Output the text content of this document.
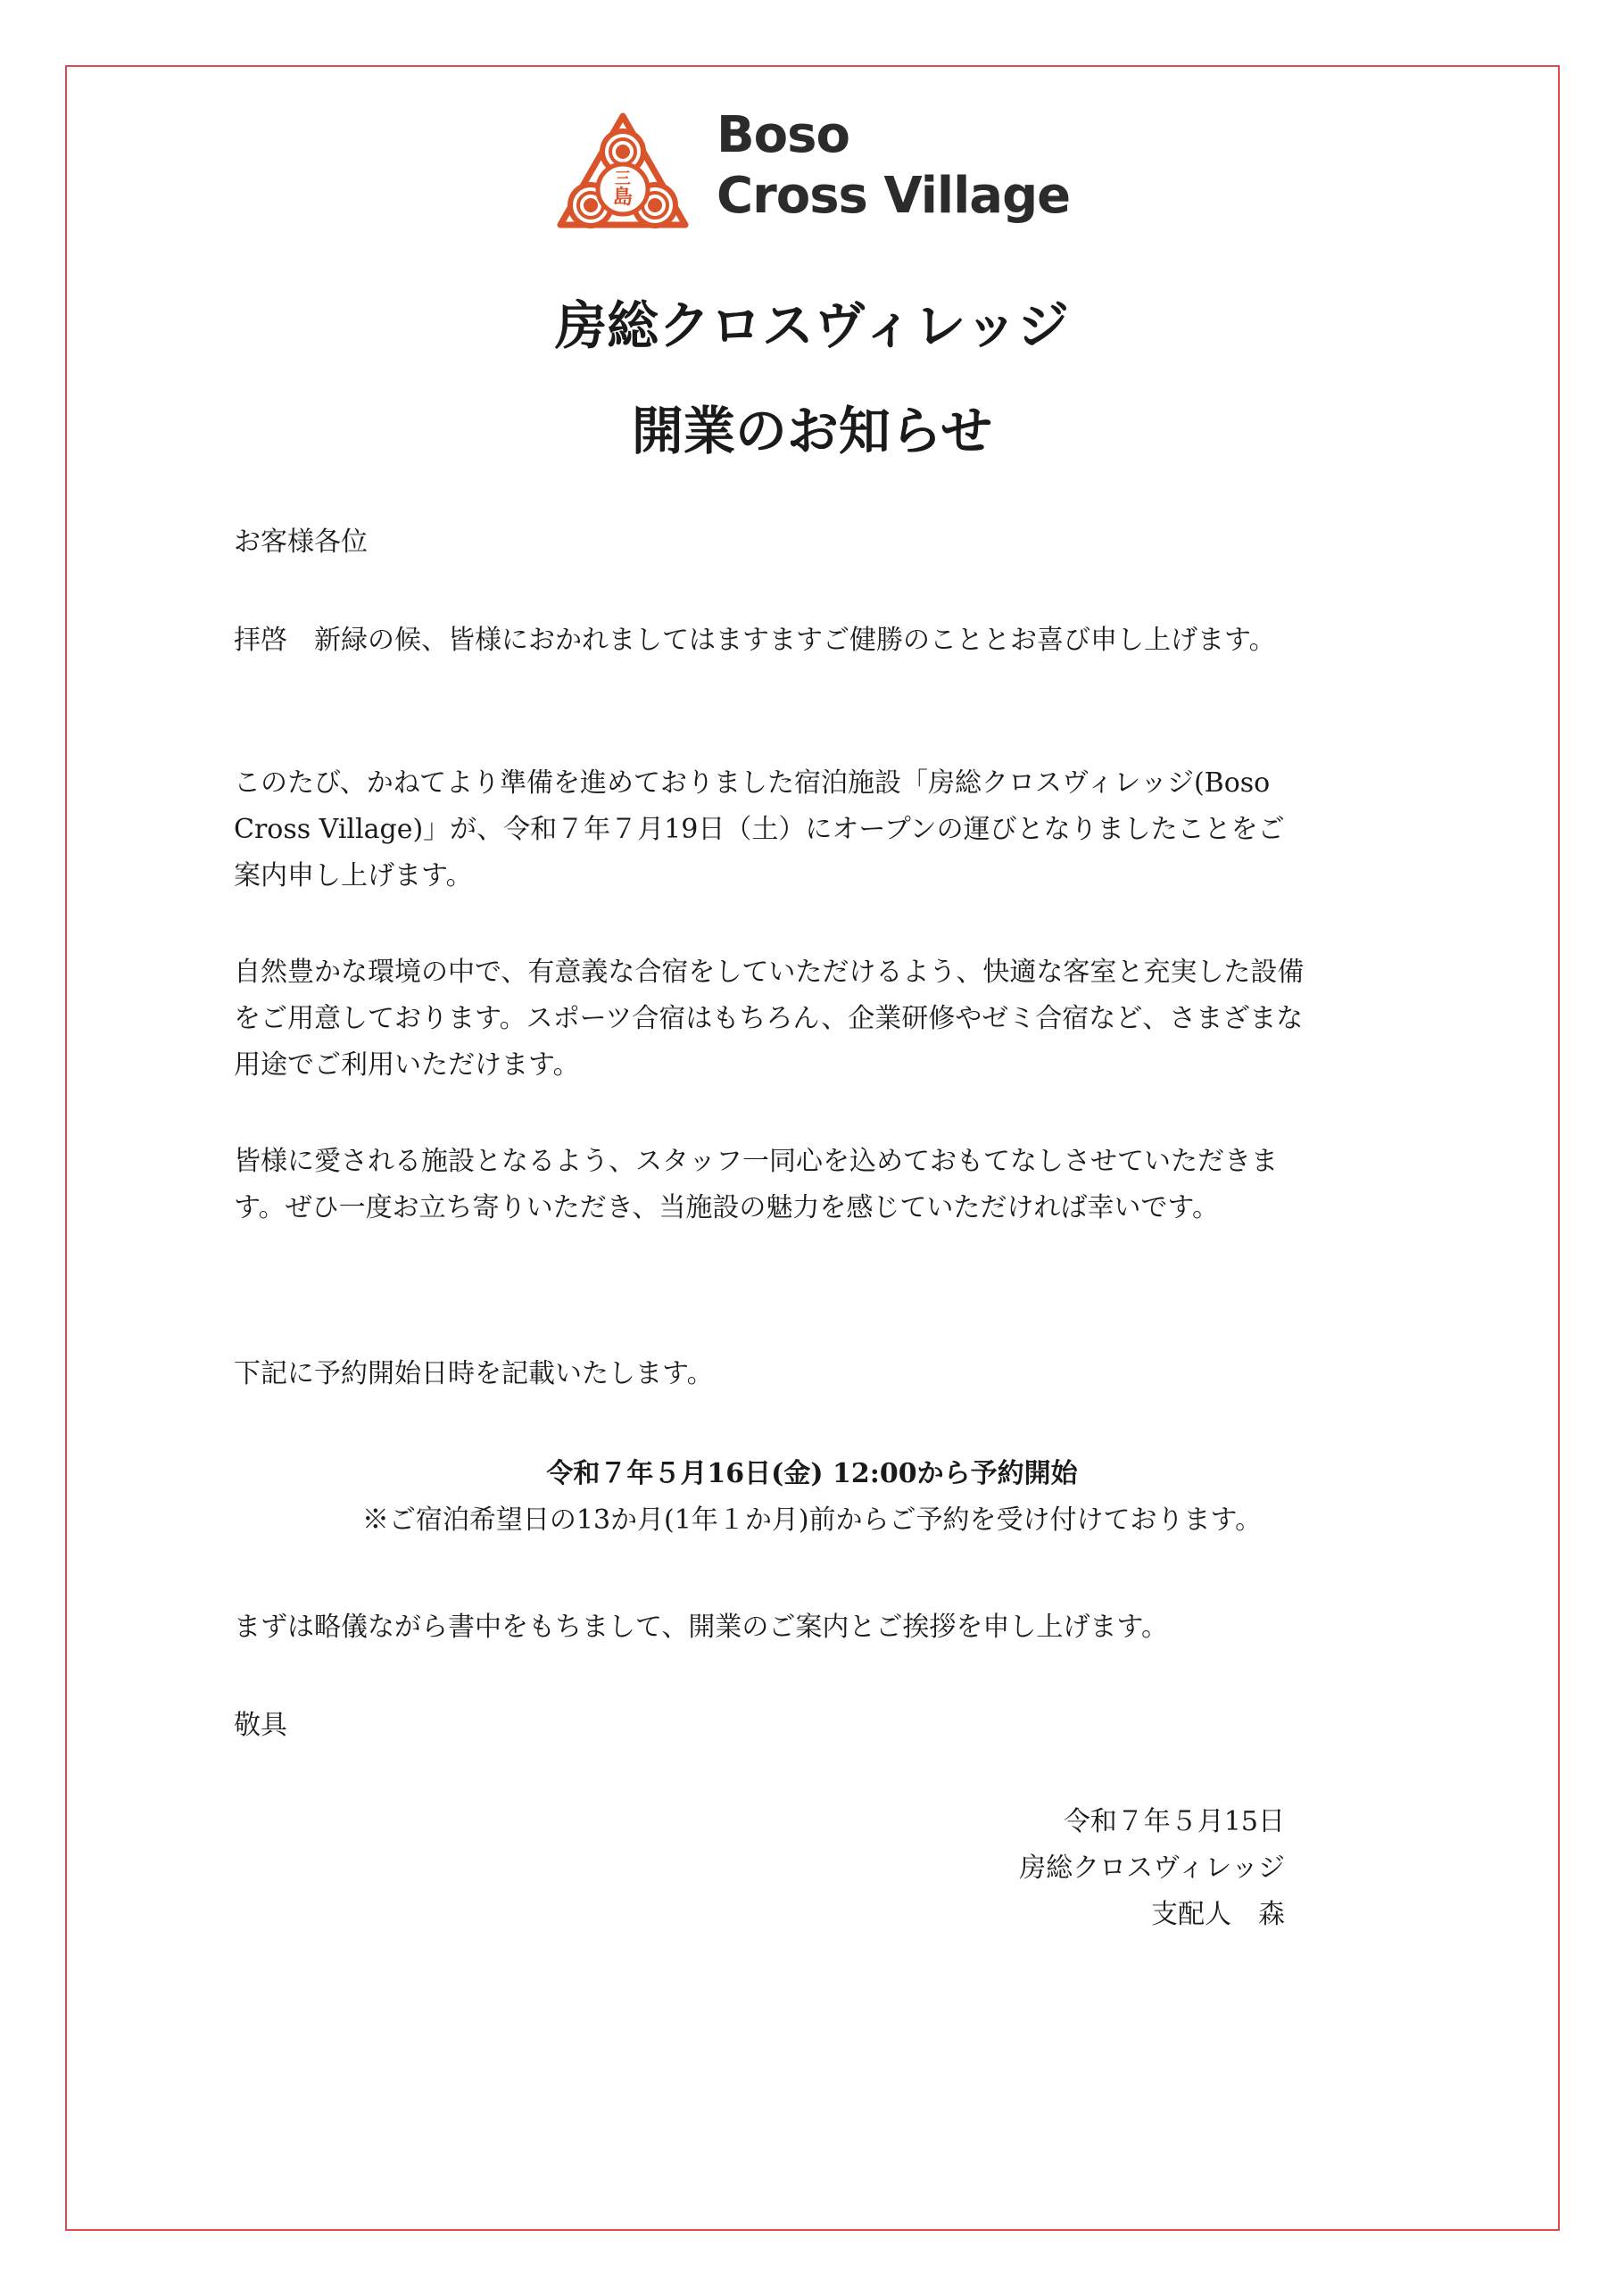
三
島
Boso
Cross Village
房総クロスヴィレッジ
開業のお知らせ

お客様各位

拝啓　新緑の候、皆様におかれましてはますますご健勝のこととお喜び申し上げます。

このたび、かねてより準備を進めておりました宿泊施設「房総クロスヴィレッジ(Boso Cross Village)」が、令和７年７月19日（土）にオープンの運びとなりましたことをご案内申し上げます。

自然豊かな環境の中で、有意義な合宿をしていただけるよう、快適な客室と充実した設備をご用意しております。スポーツ合宿はもちろん、企業研修やゼミ合宿など、さまざまな用途でご利用いただけます。

皆様に愛される施設となるよう、スタッフ一同心を込めておもてなしさせていただきます。ぜひ一度お立ち寄りいただき、当施設の魅力を感じていただければ幸いです。

下記に予約開始日時を記載いたします。

令和７年５月16日(金) 12:00から予約開始
※ご宿泊希望日の13か月(1年１か月)前からご予約を受け付けております。

まずは略儀ながら書中をもちまして、開業のご案内とご挨拶を申し上げます。

敬具

令和７年５月15日
房総クロスヴィレッジ
支配人　森
